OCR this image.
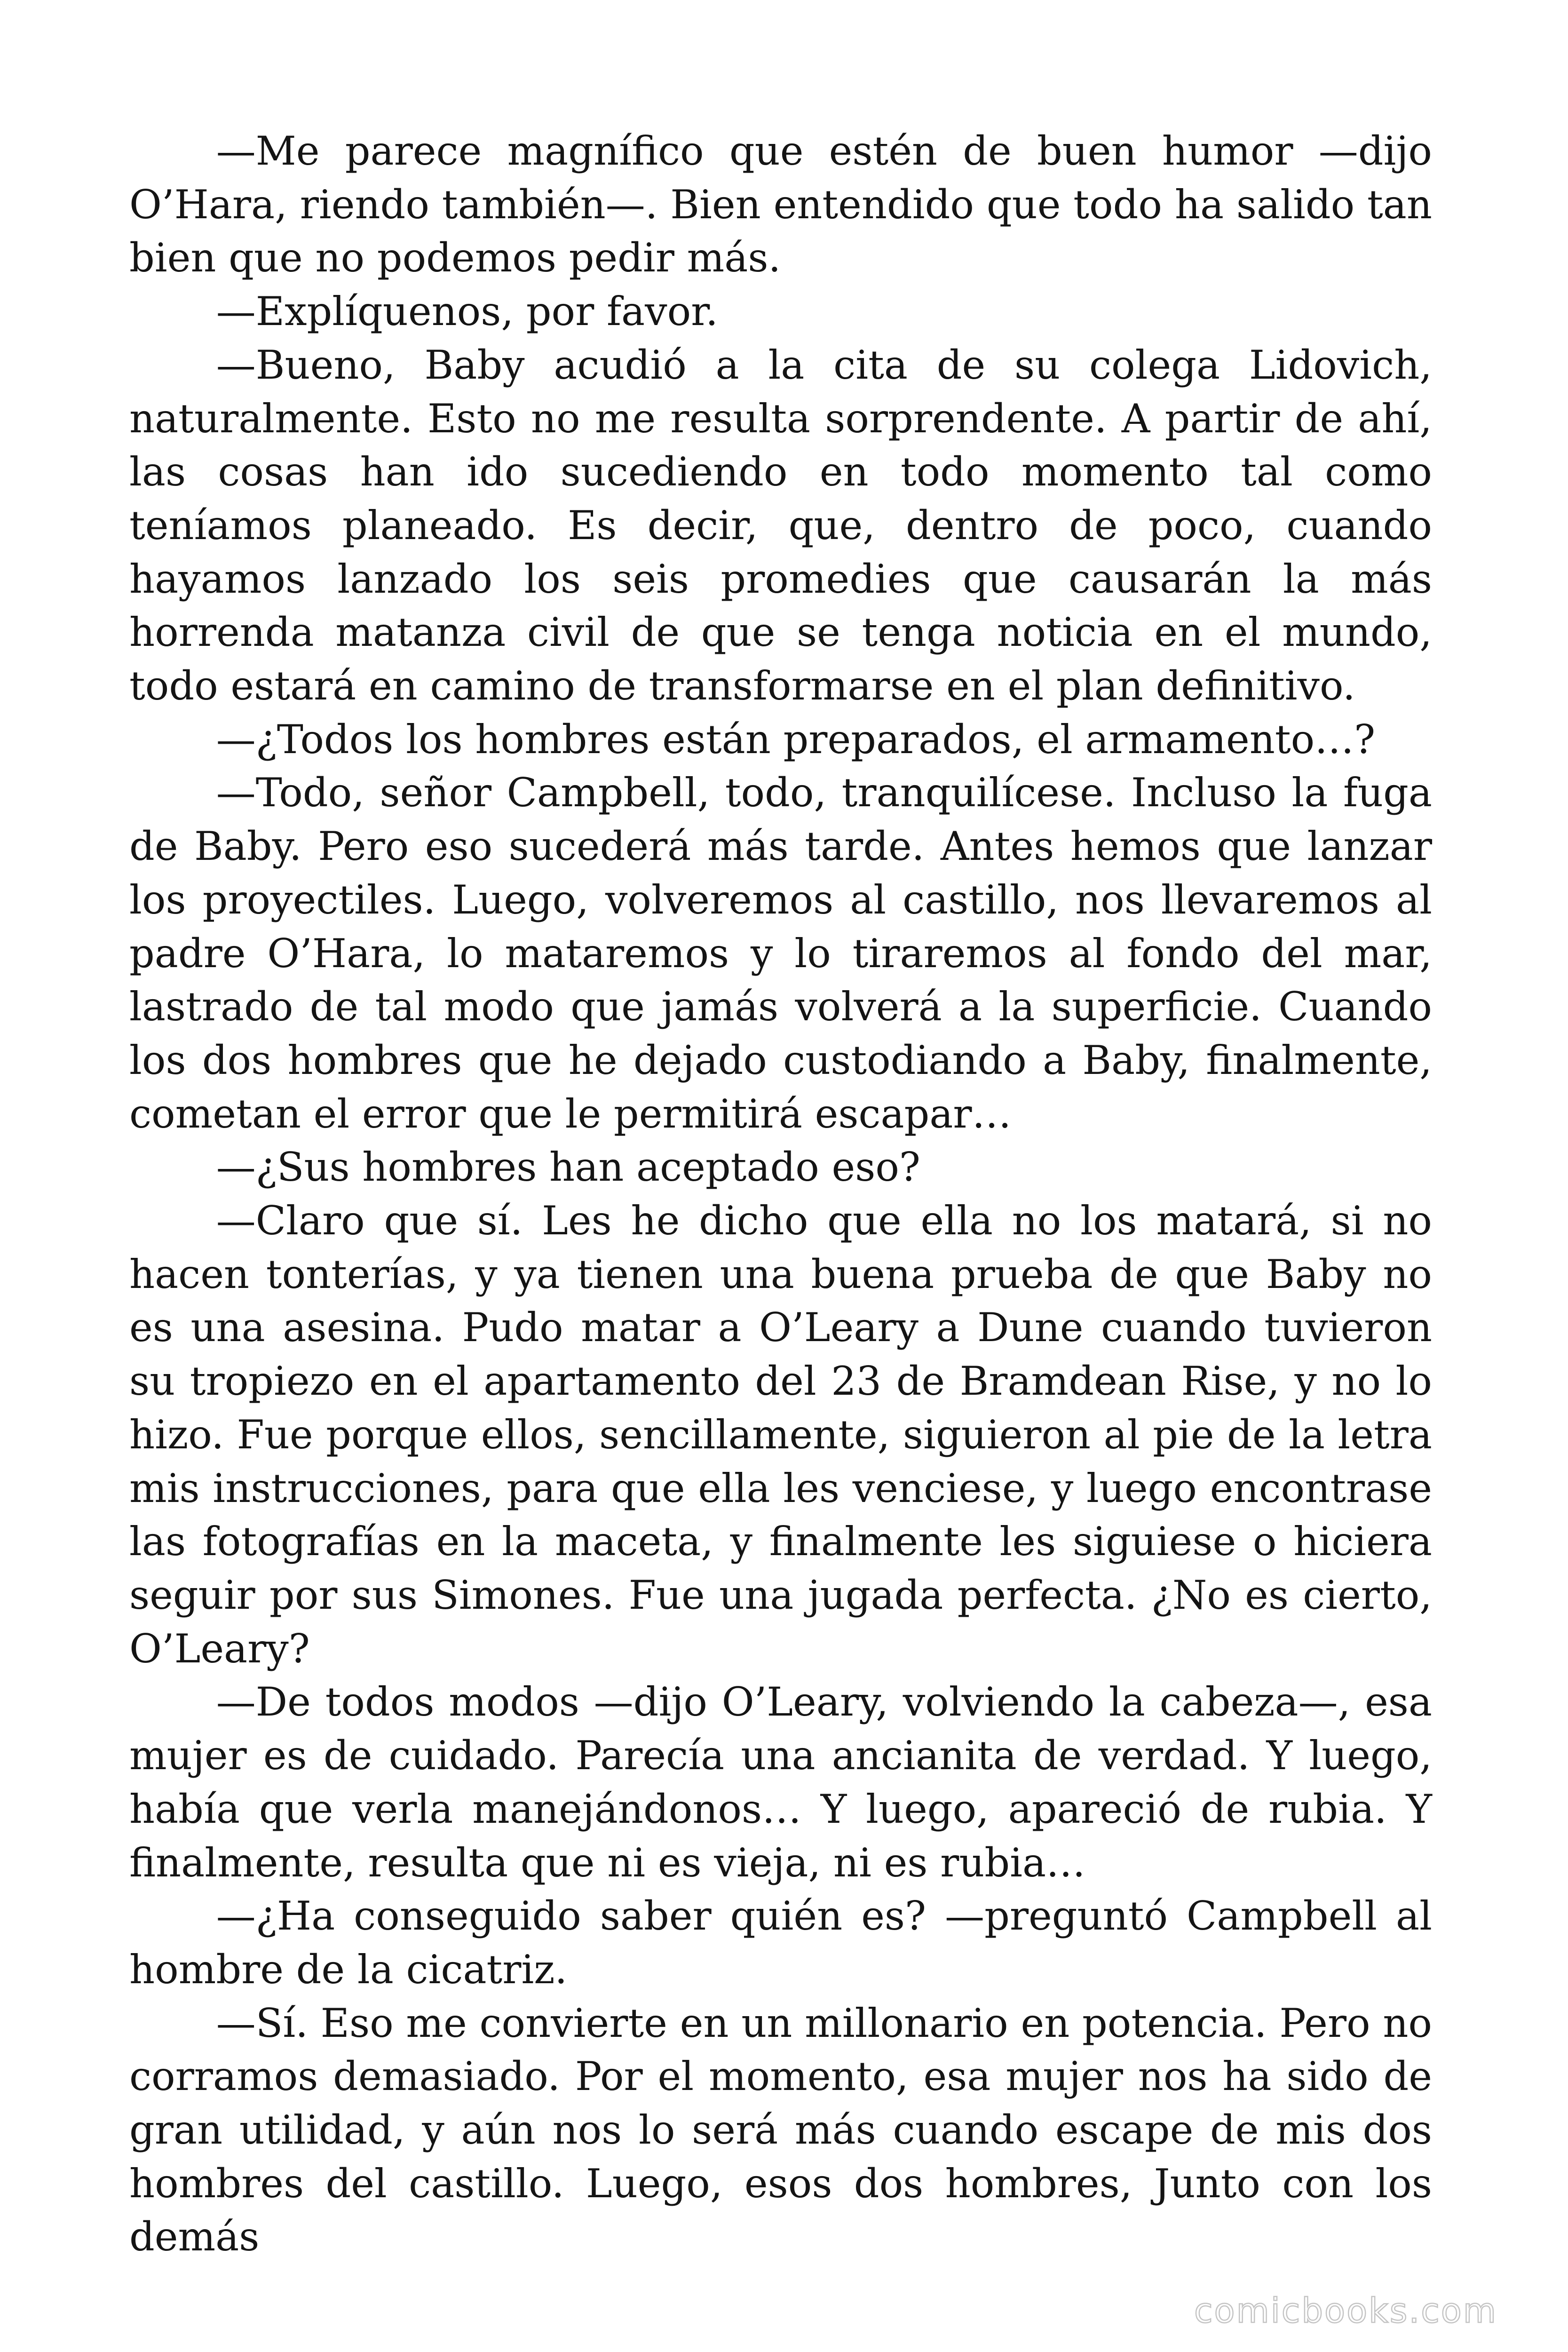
—Me parece magnífico que estén de buen humor —dijo O’Hara, riendo también—. Bien entendido que todo ha salido tan bien que no podemos pedir más.

—Explíquenos, por favor.

—Bueno, Baby acudió a la cita de su colega Lidovich, naturalmente. Esto no me resulta sorprendente. A partir de ahí, las cosas han ido sucediendo en todo momento tal como teníamos planeado. Es decir, que, dentro de poco, cuando hayamos lanzado los seis promedies que causarán la más horrenda matanza civil de que se tenga noticia en el mundo, todo estará en camino de transformarse en el plan definitivo.

—¿Todos los hombres están preparados, el armamento…?

—Todo, señor Campbell, todo, tranquilícese. Incluso la fuga de Baby. Pero eso sucederá más tarde. Antes hemos que lanzar los proyectiles. Luego, volveremos al castillo, nos llevaremos al padre O’Hara, lo mataremos y lo tiraremos al fondo del mar, lastrado de tal modo que jamás volverá a la superficie. Cuando los dos hombres que he dejado custodiando a Baby, finalmente, cometan el error que le permitirá escapar…

—¿Sus hombres han aceptado eso?

—Claro que sí. Les he dicho que ella no los matará, si no hacen tonterías, y ya tienen una buena prueba de que Baby no es una asesina. Pudo matar a O’Leary a Dune cuando tuvieron su tropiezo en el apartamento del 23 de Bramdean Rise, y no lo hizo. Fue porque ellos, sencillamente, siguieron al pie de la letra mis instrucciones, para que ella les venciese, y luego encontrase las fotografías en la maceta, y finalmente les siguiese o hiciera seguir por sus Simones. Fue una jugada perfecta. ¿No es cierto, O’Leary?

—De todos modos —dijo O’Leary, volviendo la cabeza—, esa mujer es de cuidado. Parecía una ancianita de verdad. Y luego, había que verla manejándonos… Y luego, apareció de rubia. Y finalmente, resulta que ni es vieja, ni es rubia…

—¿Ha conseguido saber quién es? —preguntó Campbell al hombre de la cicatriz.

—Sí. Eso me convierte en un millonario en potencia. Pero no corramos demasiado. Por el momento, esa mujer nos ha sido de gran utilidad, y aún nos lo será más cuando escape de mis dos hombres del castillo. Luego, esos dos hombres, Junto con los demás

comicbooks.com
